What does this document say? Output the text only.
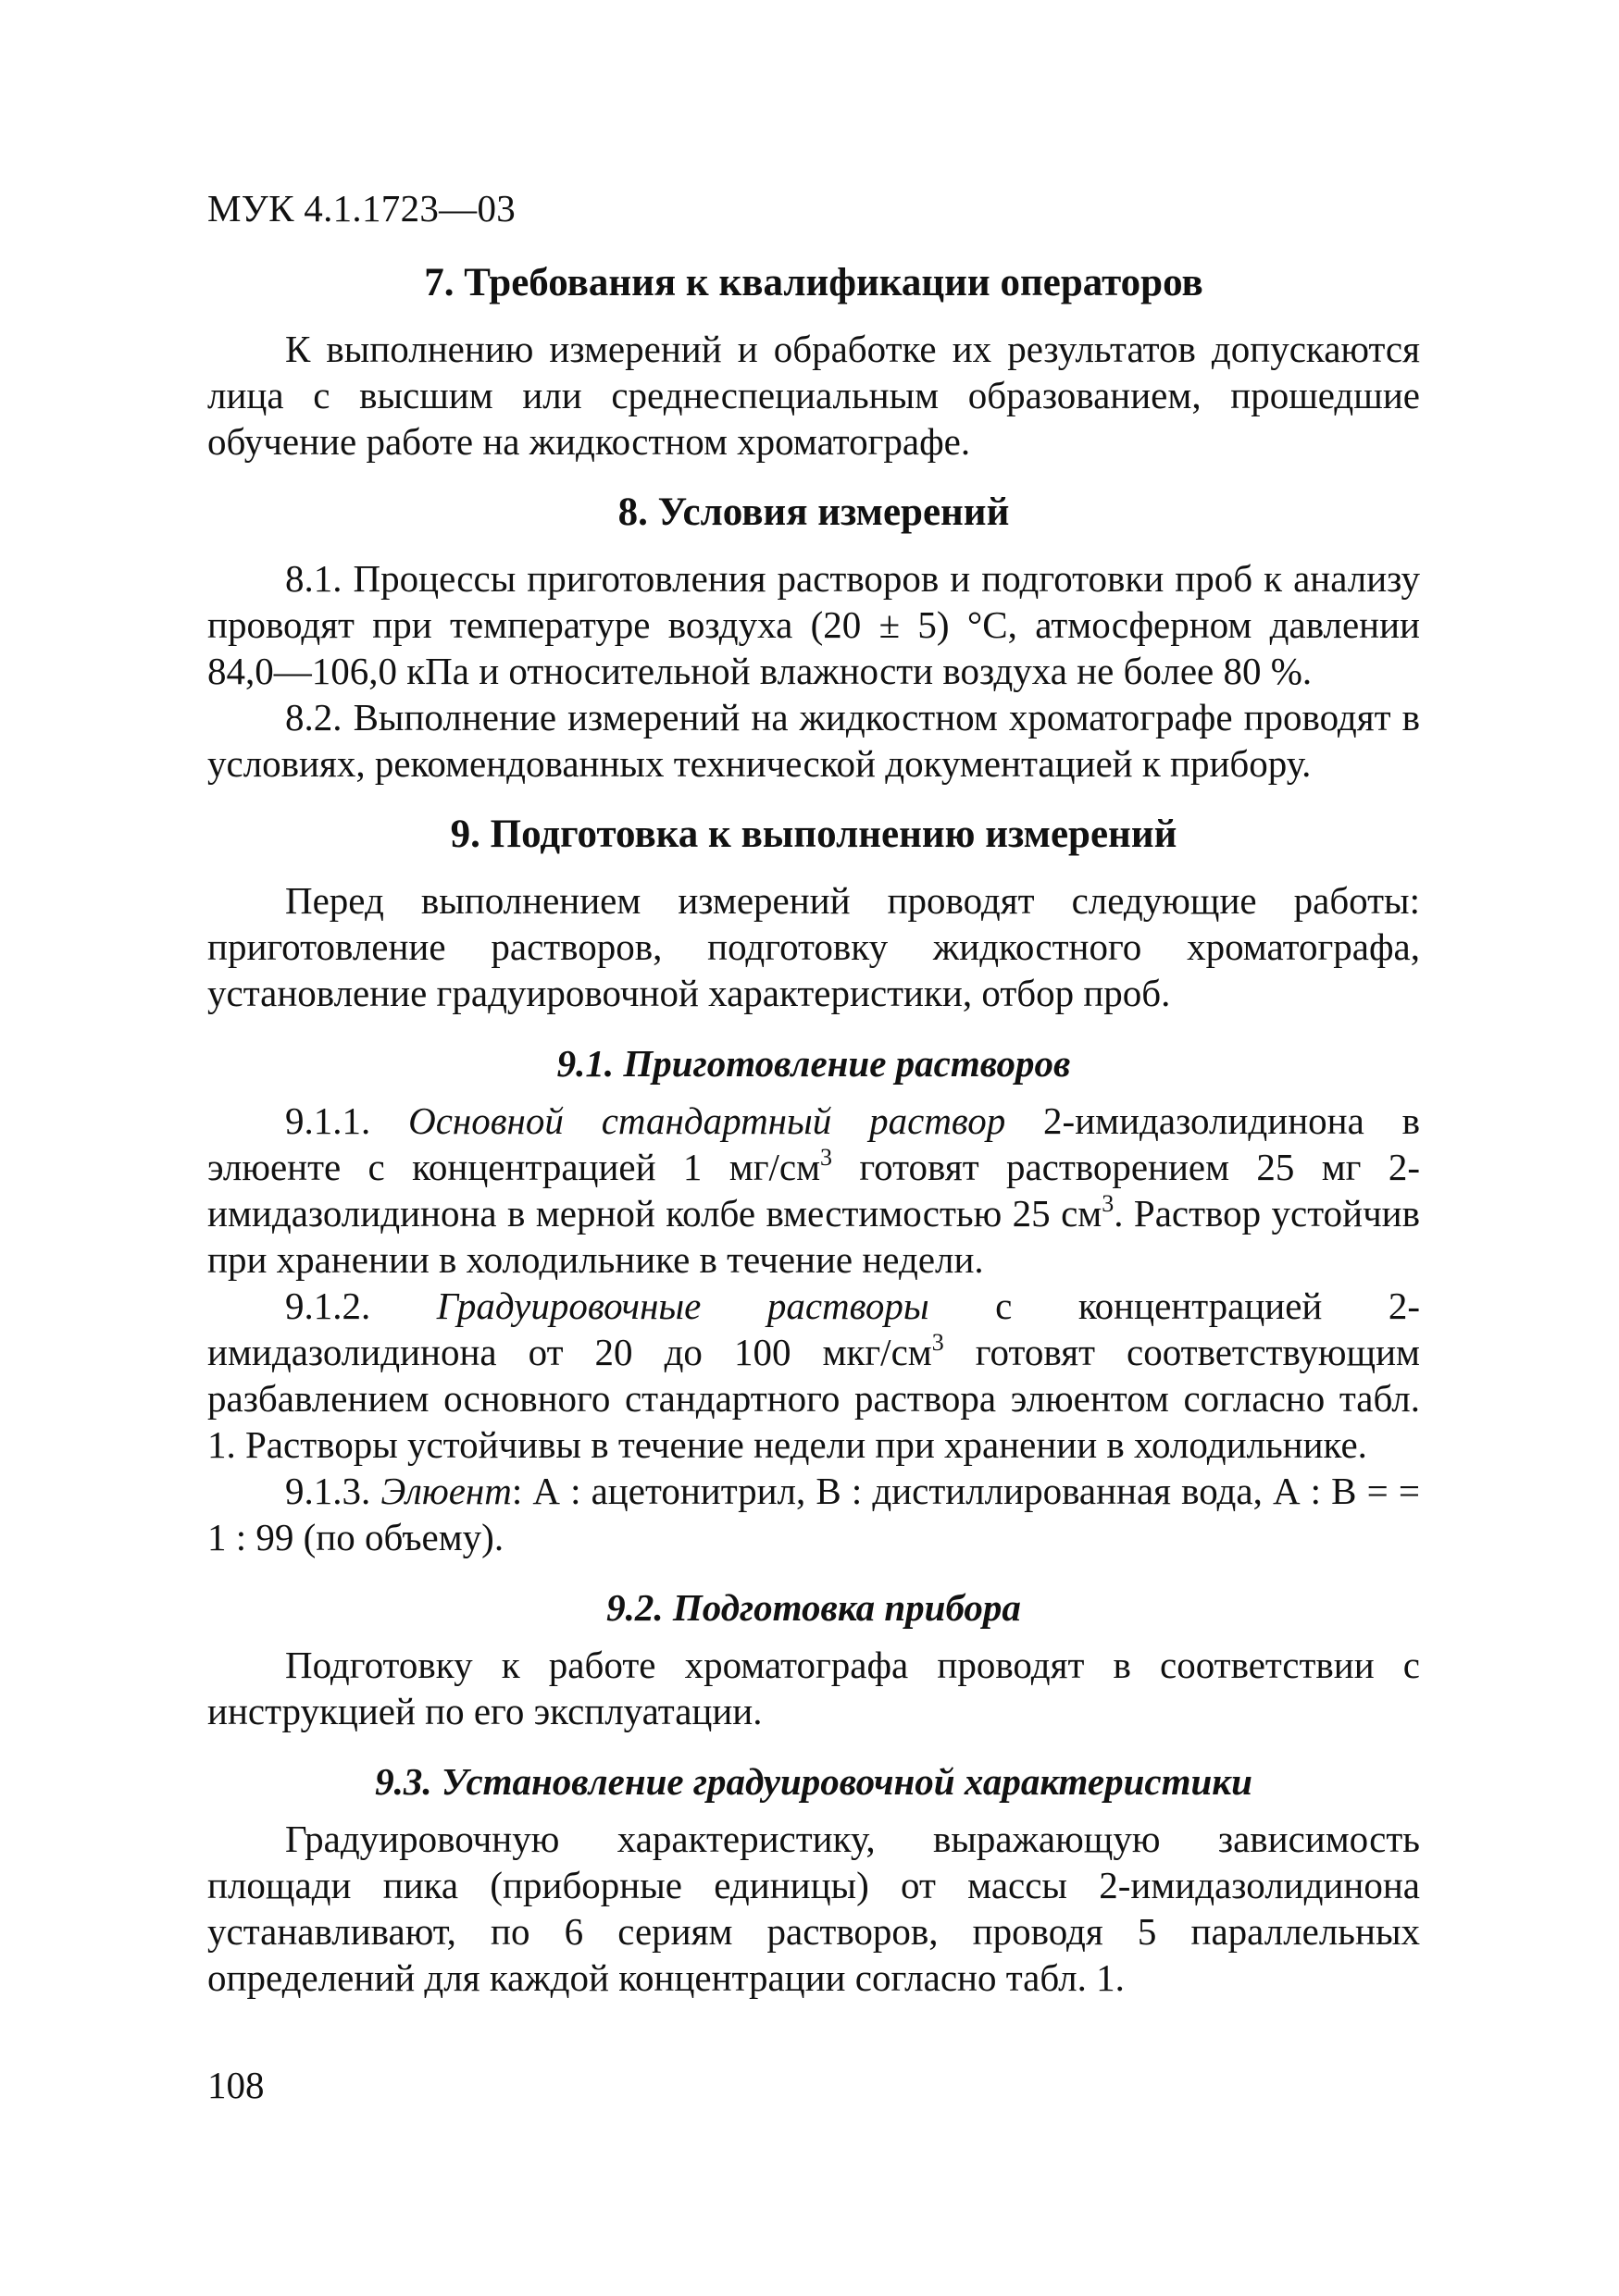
МУК 4.1.1723—03
7. Требования к квалификации операторов

К выполнению измерений и обработке их результатов допускаются лица с высшим или среднеспециальным образованием, прошедшие обучение работе на жидкостном хроматографе.

8. Условия измерений

8.1. Процессы приготовления растворов и подготовки проб к анализу проводят при температуре воздуха (20 ± 5) °C, атмосферном давлении 84,0—106,0 кПа и относительной влажности воздуха не более 80 %.

8.2. Выполнение измерений на жидкостном хроматографе проводят в условиях, рекомендованных технической документацией к прибору.

9. Подготовка к выполнению измерений

Перед выполнением измерений проводят следующие работы: приготовление растворов, подготовку жидкостного хроматографа, установление градуировочной характеристики, отбор проб.

9.1. Приготовление растворов

9.1.1. Основной стандартный раствор 2-имидазолидинона в элюенте с концентрацией 1 $мг/см^3$ готовят растворением 25 мг 2-имидазолидинона в мерной колбе вместимостью 25 $см^3$. Раствор устойчив при хранении в холодильнике в течение недели.

9.1.2. Градуировочные растворы с концентрацией 2-имидазолидинона от 20 до 100 мкг/$см^3$ готовят соответствующим разбавлением основного стандартного раствора элюентом согласно табл. 1. Растворы устойчивы в течение недели при хранении в холодильнике.

9.1.3. Элюент: А : ацетонитрил, В : дистиллированная вода, А : В = = 1 : 99 (по объему).

9.2. Подготовка прибора

Подготовку к работе хроматографа проводят в соответствии с инструкцией по его эксплуатации.

9.3. Установление градуировочной характеристики

Градуировочную характеристику, выражающую зависимость площади пика (приборные единицы) от массы 2-имидазолидинона устанавливают, по 6 сериям растворов, проводя 5 параллельных определений для каждой концентрации согласно табл. 1.

108
